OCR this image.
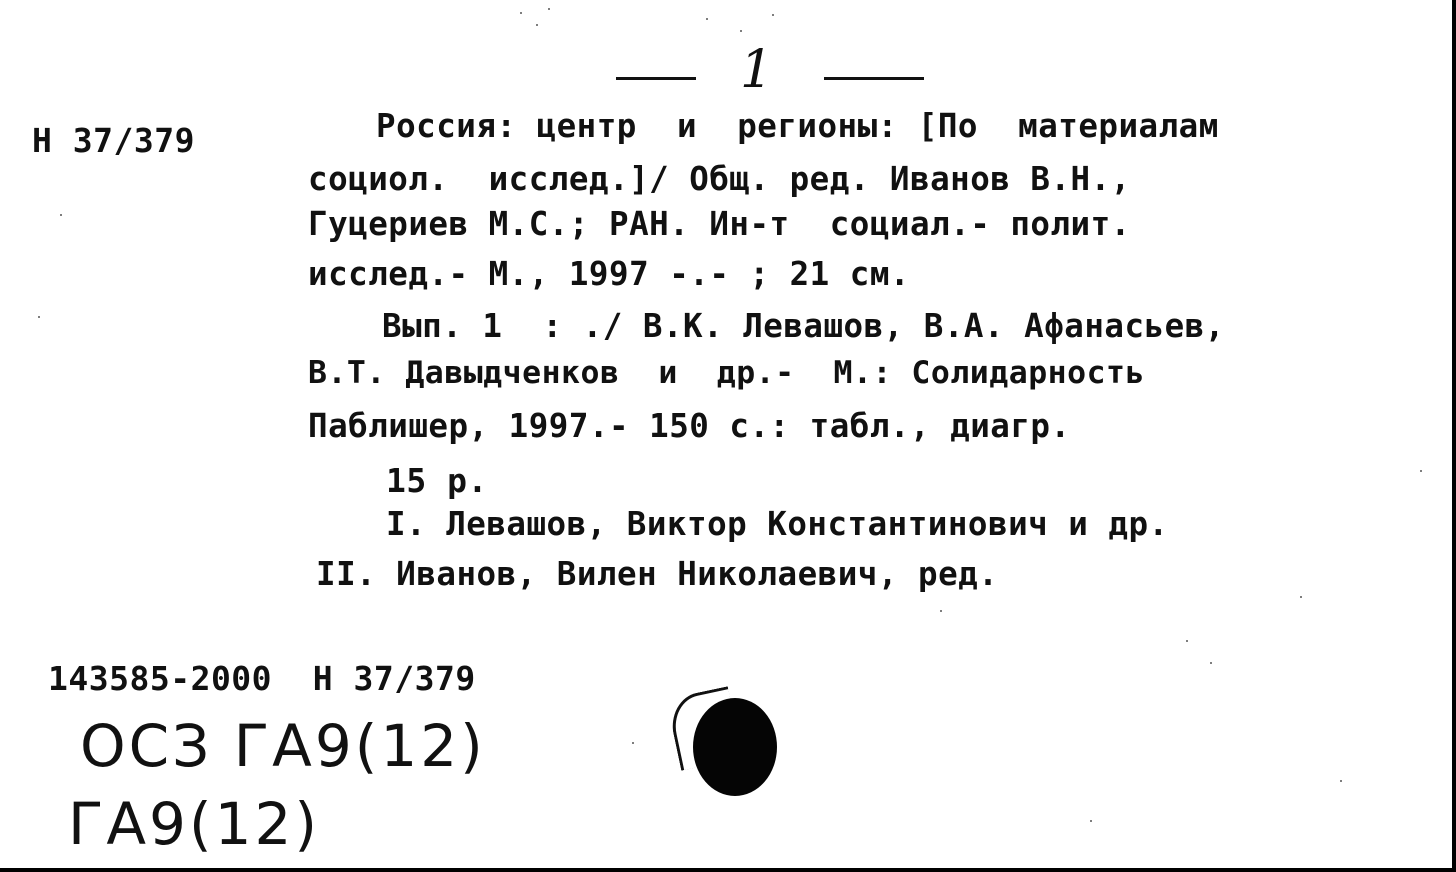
1
Н 37/379	Россия: центр  и  регионы: [По  материалам
социол.  исслед.]/ Общ. ред. Иванов В.Н.,
Гуцериев М.С.; РАН. Ин-т  социал.- полит.
исслед.- М., 1997 -.- ; 21 см.
Вып. 1  : ./ В.К. Левашов, В.А. Афанасьев,
В.Т. Давыдченков  и  др.-  М.: Солидарность
Паблишер, 1997.- 150 с.: табл., диагр.
15 р.
I. Левашов, Виктор Константинович и др.
II. Иванов, Вилен Николаевич, ред.
143585-2000  Н 37/379
ОСЗ ГА9(12)
ГА9(12)
